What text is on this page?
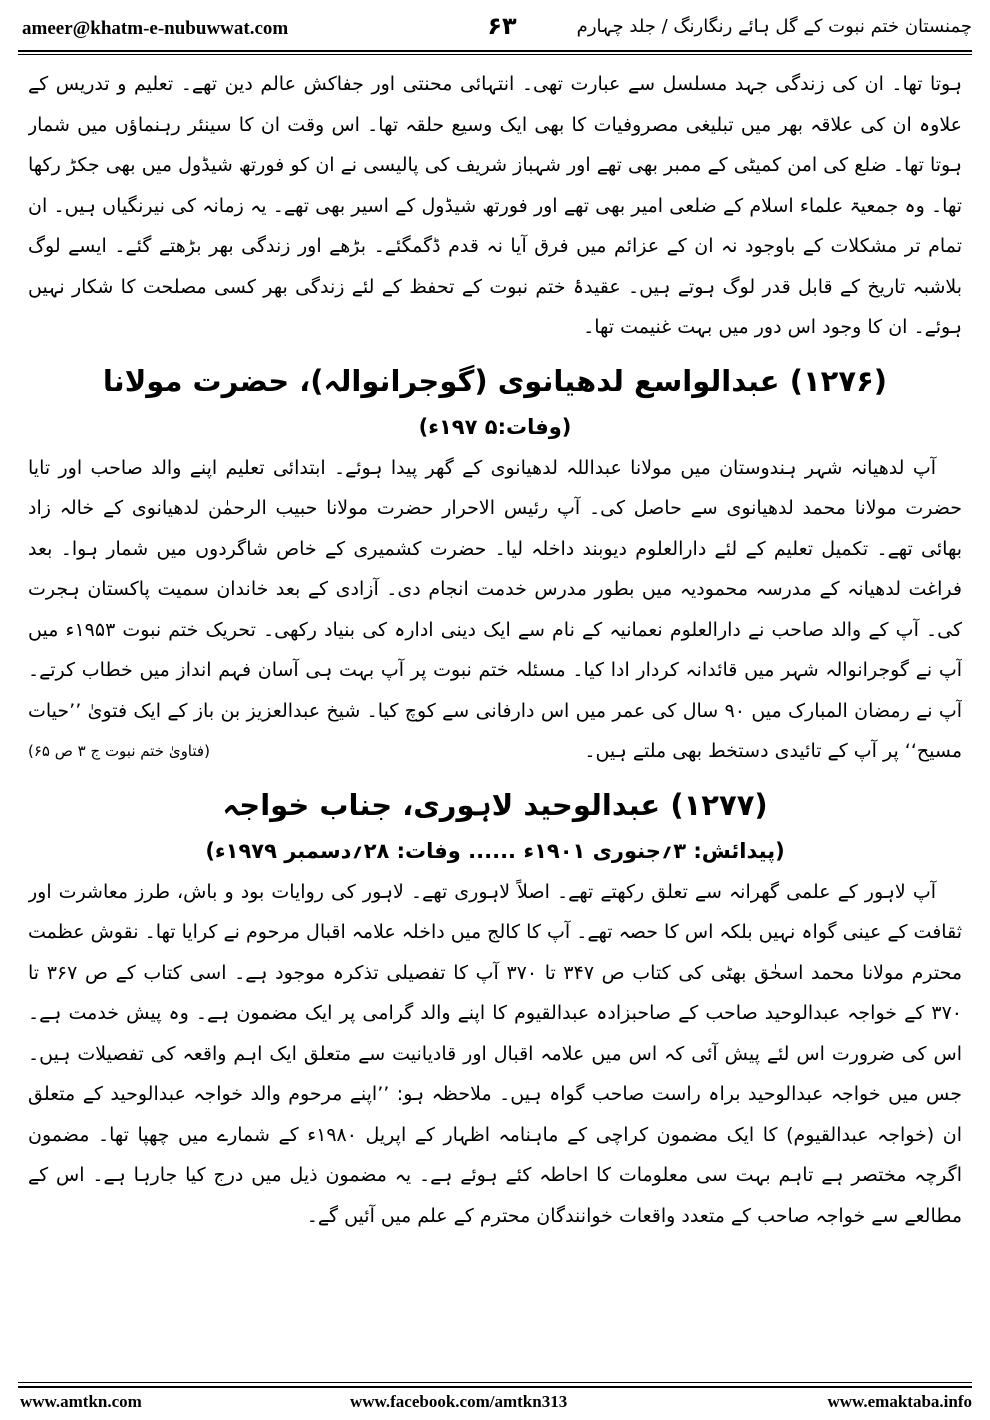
ameer@khatm-e-nubuwwat.com	۶۳	چمنستان ختم نبوت کے گل ہائے رنگارنگ / جلد چہارم

ہوتا تھا۔ ان کی زندگی جہد مسلسل سے عبارت تھی۔ انتہائی محنتی اور جفاکش عالم دین تھے۔ تعلیم و تدریس کے علاوہ ان کی علاقہ بھر میں تبلیغی مصروفیات کا بھی ایک وسیع حلقہ تھا۔ اس وقت ان کا سینئر رہنماؤں میں شمار ہوتا تھا۔ ضلع کی امن کمیٹی کے ممبر بھی تھے اور شہباز شریف کی پالیسی نے ان کو فورتھ شیڈول میں بھی جکڑ رکھا تھا۔ وہ جمعیۃ علماء اسلام کے ضلعی امیر بھی تھے اور فورتھ شیڈول کے اسیر بھی تھے۔ یہ زمانہ کی نیرنگیاں ہیں۔ ان تمام تر مشکلات کے باوجود نہ ان کے عزائم میں فرق آیا نہ قدم ڈگمگئے۔ بڑھے اور زندگی بھر بڑھتے گئے۔ ایسے لوگ بلاشبہ تاریخ کے قابل قدر لوگ ہوتے ہیں۔ عقیدۂ ختم نبوت کے تحفظ کے لئے زندگی بھر کسی مصلحت کا شکار نہیں ہوئے۔ ان کا وجود اس دور میں بہت غنیمت تھا۔

(۱۲۷۶) عبدالواسع لدھیانوی (گوجرانوالہ)، حضرت مولانا
(وفات:۵ ۱۹۷ء)

آپ لدھیانہ شہر ہندوستان میں مولانا عبداللہ لدھیانوی کے گھر پیدا ہوئے۔ ابتدائی تعلیم اپنے والد صاحب اور تایا حضرت مولانا محمد لدھیانوی سے حاصل کی۔ آپ رئیس الاحرار حضرت مولانا حبیب الرحمٰن لدھیانوی کے خالہ زاد بھائی تھے۔ تکمیل تعلیم کے لئے دارالعلوم دیوبند داخلہ لیا۔ حضرت کشمیری کے خاص شاگردوں میں شمار ہوا۔ بعد فراغت لدھیانہ کے مدرسہ محمودیہ میں بطور مدرس خدمت انجام دی۔ آزادی کے بعد خاندان سمیت پاکستان ہجرت کی۔ آپ کے والد صاحب نے دارالعلوم نعمانیہ کے نام سے ایک دینی ادارہ کی بنیاد رکھی۔ تحریک ختم نبوت ۱۹۵۳ء میں آپ نے گوجرانوالہ شہر میں قائدانہ کردار ادا کیا۔ مسئلہ ختم نبوت پر آپ بہت ہی آسان فہم انداز میں خطاب کرتے۔ آپ نے رمضان المبارک میں ۹۰ سال کی عمر میں اس دارفانی سے کوچ کیا۔ شیخ عبدالعزیز بن باز کے ایک فتویٰ ’’حیات مسیح‘‘ پر آپ کے تائیدی دستخط بھی ملتے ہیں۔
(فتاویٰ ختم نبوت ج ۳ ص ۶۵)

(۱۲۷۷) عبدالوحید لاہوری، جناب خواجہ
(پیدائش: ۳؍جنوری ۱۹۰۱ء ...... وفات: ۲۸؍دسمبر ۱۹۷۹ء)

آپ لاہور کے علمی گھرانہ سے تعلق رکھتے تھے۔ اصلاً لاہوری تھے۔ لاہور کی روایات بود و باش، طرز معاشرت اور ثقافت کے عینی گواہ نہیں بلکہ اس کا حصہ تھے۔ آپ کا کالج میں داخلہ علامہ اقبال مرحوم نے کرایا تھا۔ نقوش عظمت محترم مولانا محمد اسحٰق بھٹی کی کتاب ص ۳۴۷ تا ۳۷۰ آپ کا تفصیلی تذکرہ موجود ہے۔ اسی کتاب کے ص ۳۶۷ تا ۳۷۰ کے خواجہ عبدالوحید صاحب کے صاحبزادہ عبدالقیوم کا اپنے والد گرامی پر ایک مضمون ہے۔ وہ پیش خدمت ہے۔ اس کی ضرورت اس لئے پیش آئی کہ اس میں علامہ اقبال اور قادیانیت سے متعلق ایک اہم واقعہ کی تفصیلات ہیں۔ جس میں خواجہ عبدالوحید براہ راست صاحب گواہ ہیں۔ ملاحظہ ہو: ’’اپنے مرحوم والد خواجہ عبدالوحید کے متعلق ان (خواجہ عبدالقیوم) کا ایک مضمون کراچی کے ماہنامہ اظہار کے اپریل ۱۹۸۰ء کے شمارے میں چھپا تھا۔ مضمون اگرچہ مختصر ہے تاہم بہت سی معلومات کا احاطہ کئے ہوئے ہے۔ یہ مضمون ذیل میں درج کیا جارہا ہے۔ اس کے مطالعے سے خواجہ صاحب کے متعدد واقعات خوانندگان محترم کے علم میں آئیں گے۔

www.amtkn.com	www.facebook.com/amtkn313	www.emaktaba.info
